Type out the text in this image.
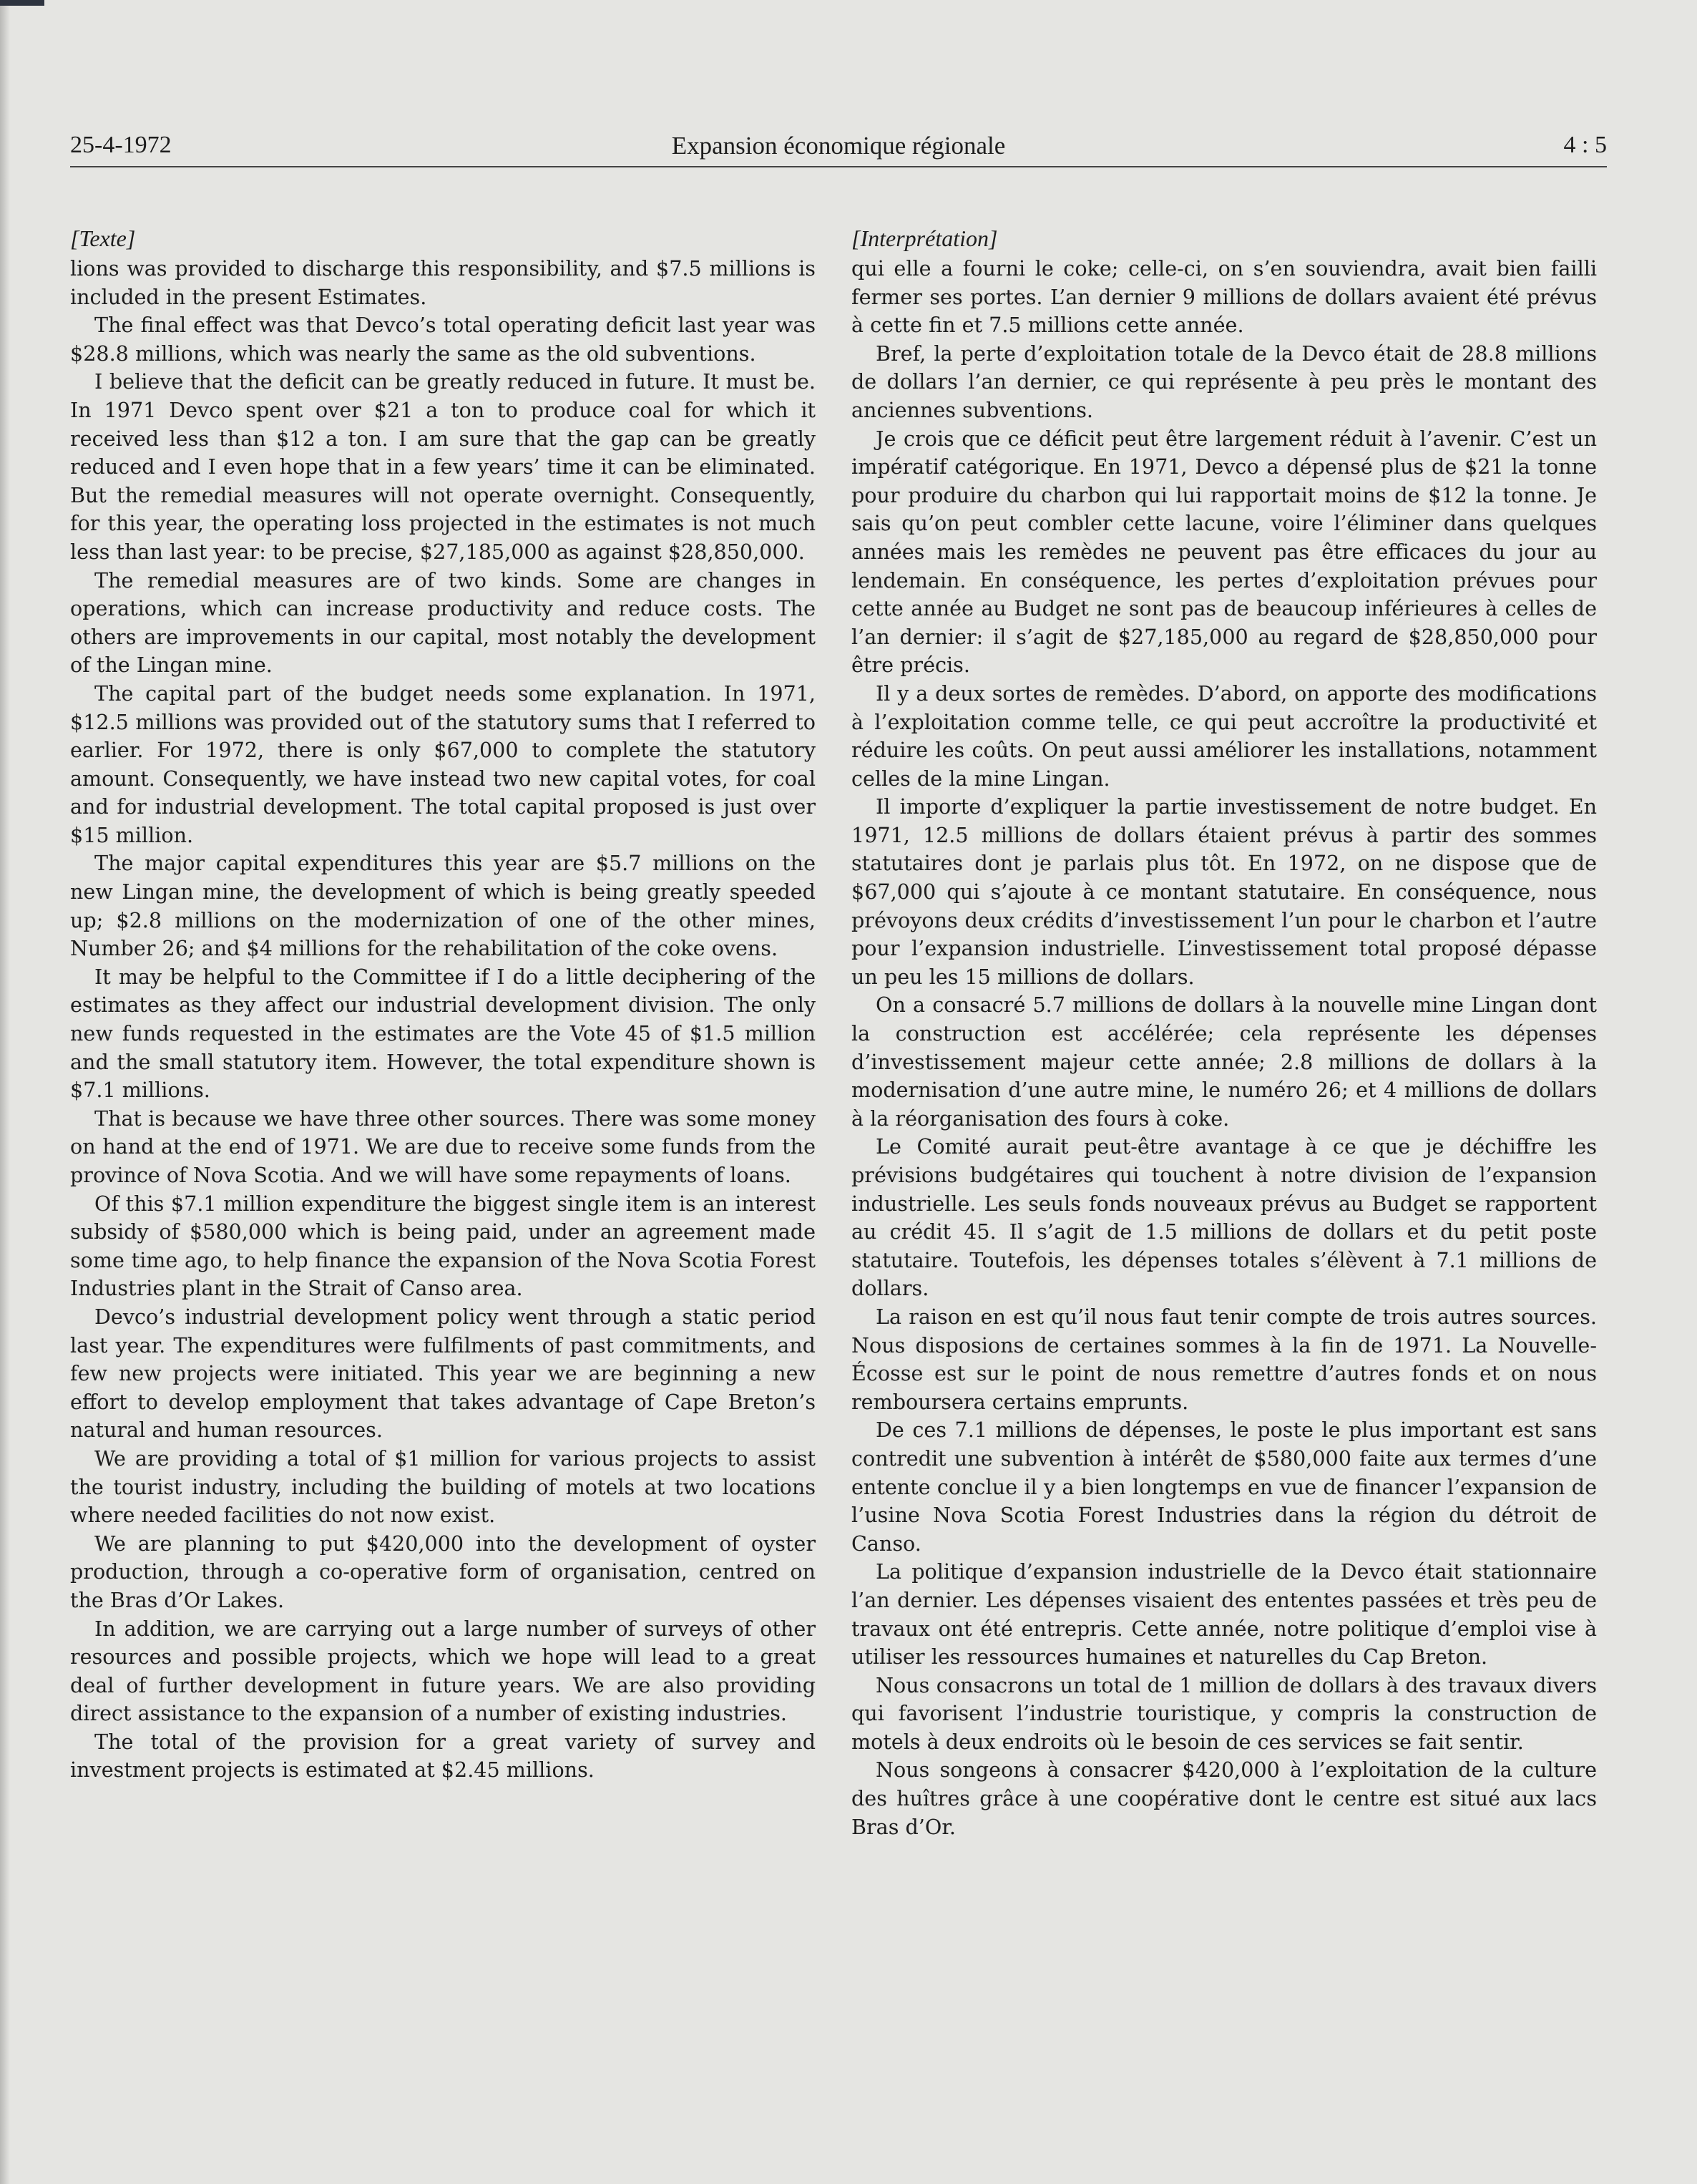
25-4-1972	Expansion économique régionale	4 : 5
[Texte]

lions was provided to discharge this responsibility, and $7.5 millions is included in the present Estimates.

The final effect was that Devco’s total operating deficit last year was $28.8 millions, which was nearly the same as the old subventions.

I believe that the deficit can be greatly reduced in future. It must be. In 1971 Devco spent over $21 a ton to produce coal for which it received less than $12 a ton. I am sure that the gap can be greatly reduced and I even hope that in a few years’ time it can be eliminated. But the remedial measures will not operate overnight. Consequently, for this year, the operating loss projected in the estimates is not much less than last year: to be precise, $27,185,000 as against $28,850,000.

The remedial measures are of two kinds. Some are changes in operations, which can increase productivity and reduce costs. The others are improvements in our capital, most notably the development of the Lingan mine.

The capital part of the budget needs some explanation. In 1971, $12.5 millions was provided out of the statutory sums that I referred to earlier. For 1972, there is only $67,000 to complete the statutory amount. Consequently, we have instead two new capital votes, for coal and for industrial development. The total capital proposed is just over $15 million.

The major capital expenditures this year are $5.7 millions on the new Lingan mine, the development of which is being greatly speeded up; $2.8 millions on the modernization of one of the other mines, Number 26; and $4 millions for the rehabilitation of the coke ovens.

It may be helpful to the Committee if I do a little deciphering of the estimates as they affect our industrial development division. The only new funds requested in the estimates are the Vote 45 of $1.5 million and the small statutory item. However, the total expenditure shown is $7.1 millions.

That is because we have three other sources. There was some money on hand at the end of 1971. We are due to receive some funds from the province of Nova Scotia. And we will have some repayments of loans.

Of this $7.1 million expenditure the biggest single item is an interest subsidy of $580,000 which is being paid, under an agreement made some time ago, to help finance the expansion of the Nova Scotia Forest Industries plant in the Strait of Canso area.

Devco’s industrial development policy went through a static period last year. The expenditures were fulfilments of past commitments, and few new projects were initiated. This year we are beginning a new effort to develop employment that takes advantage of Cape Breton’s natural and human resources.

We are providing a total of $1 million for various projects to assist the tourist industry, including the building of motels at two locations where needed facilities do not now exist.

We are planning to put $420,000 into the development of oyster production, through a co-operative form of organisation, centred on the Bras d’Or Lakes.

In addition, we are carrying out a large number of surveys of other resources and possible projects, which we hope will lead to a great deal of further development in future years. We are also providing direct assistance to the expansion of a number of existing industries.

The total of the provision for a great variety of survey and investment projects is estimated at $2.45 millions.

[Interprétation]

qui elle a fourni le coke; celle-ci, on s’en souviendra, avait bien failli fermer ses portes. L’an dernier 9 millions de dollars avaient été prévus à cette fin et 7.5 millions cette année.

Bref, la perte d’exploitation totale de la Devco était de 28.8 millions de dollars l’an dernier, ce qui représente à peu près le montant des anciennes subventions.

Je crois que ce déficit peut être largement réduit à l’avenir. C’est un impératif catégorique. En 1971, Devco a dépensé plus de $21 la tonne pour produire du charbon qui lui rapportait moins de $12 la tonne. Je sais qu’on peut combler cette lacune, voire l’éliminer dans quelques années mais les remèdes ne peuvent pas être efficaces du jour au lendemain. En conséquence, les pertes d’exploitation prévues pour cette année au Budget ne sont pas de beaucoup inférieures à celles de l’an dernier: il s’agit de $27,185,000 au regard de $28,850,000 pour être précis.

Il y a deux sortes de remèdes. D’abord, on apporte des modifications à l’exploitation comme telle, ce qui peut accroître la productivité et réduire les coûts. On peut aussi améliorer les installations, notamment celles de la mine Lingan.

Il importe d’expliquer la partie investissement de notre budget. En 1971, 12.5 millions de dollars étaient prévus à partir des sommes statutaires dont je parlais plus tôt. En 1972, on ne dispose que de $67,000 qui s’ajoute à ce montant statutaire. En conséquence, nous prévoyons deux crédits d’investissement l’un pour le charbon et l’autre pour l’expansion industrielle. L’investissement total proposé dépasse un peu les 15 millions de dollars.

On a consacré 5.7 millions de dollars à la nouvelle mine Lingan dont la construction est accélérée; cela représente les dépenses d’investissement majeur cette année; 2.8 millions de dollars à la modernisation d’une autre mine, le numéro 26; et 4 millions de dollars à la réorganisation des fours à coke.

Le Comité aurait peut-être avantage à ce que je déchiffre les prévisions budgétaires qui touchent à notre division de l’expansion industrielle. Les seuls fonds nouveaux prévus au Budget se rapportent au crédit 45. Il s’agit de 1.5 millions de dollars et du petit poste statutaire. Toutefois, les dépenses totales s’élèvent à 7.1 millions de dollars.

La raison en est qu’il nous faut tenir compte de trois autres sources. Nous disposions de certaines sommes à la fin de 1971. La Nouvelle-Écosse est sur le point de nous remettre d’autres fonds et on nous remboursera certains emprunts.

De ces 7.1 millions de dépenses, le poste le plus important est sans contredit une subvention à intérêt de $580,000 faite aux termes d’une entente conclue il y a bien longtemps en vue de financer l’expansion de l’usine Nova Scotia Forest Industries dans la région du détroit de Canso.

La politique d’expansion industrielle de la Devco était stationnaire l’an dernier. Les dépenses visaient des ententes passées et très peu de travaux ont été entrepris. Cette année, notre politique d’emploi vise à utiliser les ressources humaines et naturelles du Cap Breton.

Nous consacrons un total de 1 million de dollars à des travaux divers qui favorisent l’industrie touristique, y compris la construction de motels à deux endroits où le besoin de ces services se fait sentir.

Nous songeons à consacrer $420,000 à l’exploitation de la culture des huîtres grâce à une coopérative dont le centre est situé aux lacs Bras d’Or.
